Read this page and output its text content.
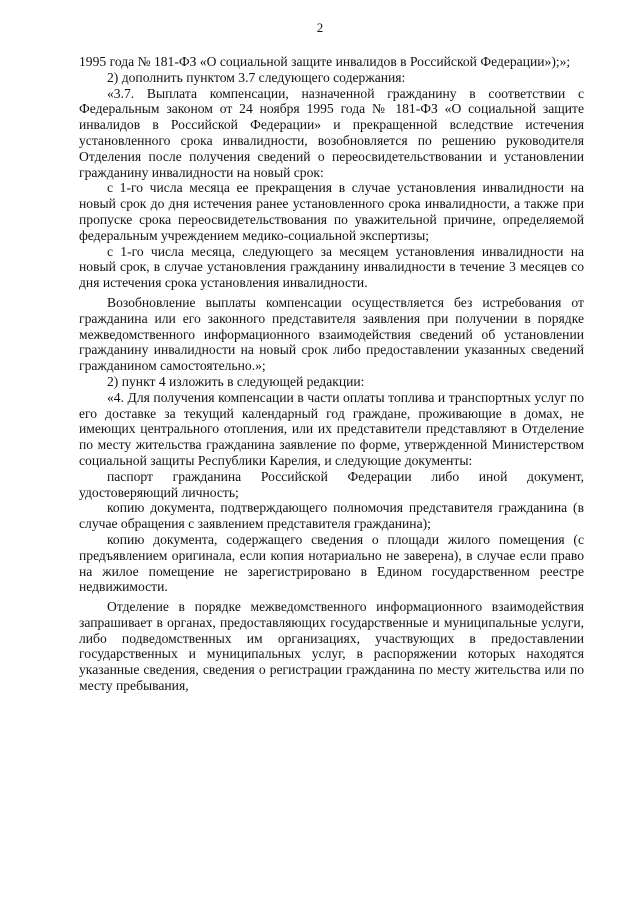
2

1995 года № 181-ФЗ «О социальной защите инвалидов в Российской Федерации»);»;

2) дополнить пунктом 3.7 следующего содержания:

«3.7. Выплата компенсации, назначенной гражданину в соответствии с Федеральным законом от 24 ноября 1995 года № 181-ФЗ «О социальной защите инвалидов в Российской Федерации» и прекращенной вследствие истечения установленного срока инвалидности, возобновляется по решению руководителя Отделения после получения сведений о переосвидетельствовании и установлении гражданину инвалидности на новый срок:

с 1-го числа месяца ее прекращения в случае установления инвалидности на новый срок до дня истечения ранее установленного срока инвалидности, а также при пропуске срока переосвидетельствования по уважительной причине, определяемой федеральным учреждением медико-социальной экспертизы;

с 1-го числа месяца, следующего за месяцем установления инвалидности на новый срок, в случае установления гражданину инвалидности в течение 3 месяцев со дня истечения срока установления инвалидности.

Возобновление выплаты компенсации осуществляется без истребования от гражданина или его законного представителя заявления при получении в порядке межведомственного информационного взаимодействия сведений об установлении гражданину инвалидности на новый срок либо предоставлении указанных сведений гражданином самостоятельно.»;

2) пункт 4 изложить в следующей редакции:

«4. Для получения компенсации в части оплаты топлива и транспортных услуг по его доставке за текущий календарный год граждане, проживающие в домах, не имеющих центрального отопления, или их представители представляют в Отделение по месту жительства гражданина заявление по форме, утвержденной Министерством социальной защиты Республики Карелия, и следующие документы:

паспорт гражданина Российской Федерации либо иной документ, удостоверяющий личность;

копию документа, подтверждающего полномочия представителя гражданина (в случае обращения с заявлением представителя гражданина);

копию документа, содержащего сведения о площади жилого помещения (с предъявлением оригинала, если копия нотариально не заверена), в случае если право на жилое помещение не зарегистрировано в Едином государственном реестре недвижимости.

Отделение в порядке межведомственного информационного взаимодействия запрашивает в органах, предоставляющих государственные и муниципальные услуги, либо подведомственных им организациях, участвующих в предоставлении государственных и муниципальных услуг, в распоряжении которых находятся указанные сведения, сведения о регистрации гражданина по месту жительства или по месту пребывания,
